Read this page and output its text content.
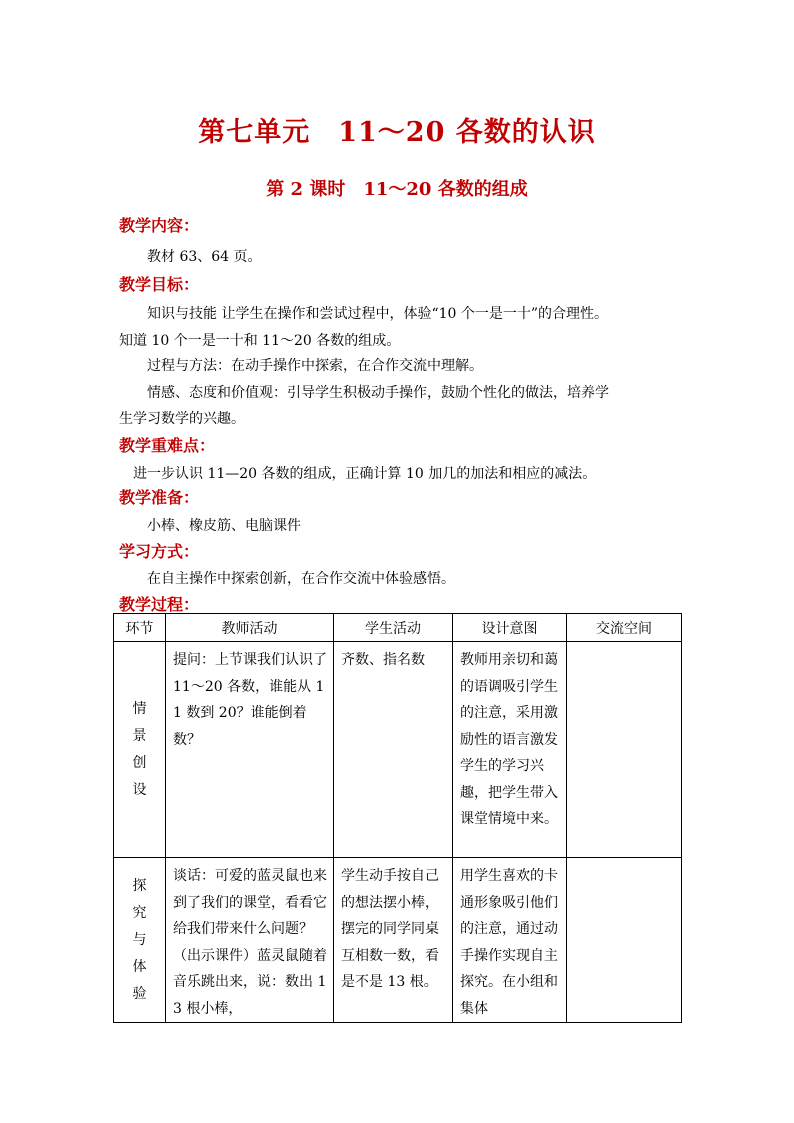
第七单元　11～20 各数的认识
第 2 课时　11～20 各数的组成
教学内容：
教材 63、64 页。
教学目标：
知识与技能 让学生在操作和尝试过程中，体验“10 个一是一十”的合理性。
知道 10 个一是一十和 11～20 各数的组成。
过程与方法：在动手操作中探索，在合作交流中理解。
情感、态度和价值观：引导学生积极动手操作，鼓励个性化的做法，培养学
生学习数学的兴趣。
教学重难点：
进一步认识 11—20 各数的组成，正确计算 10 加几的加法和相应的减法。
教学准备：
小棒、橡皮筋、电脑课件
学习方式：
在自主操作中探索创新，在合作交流中体验感悟。
教学过程：
环节	教师活动	学生活动	设计意图	交流空间
情景创设	提问：上节课我们认识了 11～20 各数，谁能从 11 数到 20？谁能倒着数？	齐数、指名数	教师用亲切和蔼的语调吸引学生的注意，采用激励性的语言激发学生的学习兴趣，把学生带入课堂情境中来。	

探究与体验	谈话：可爱的蓝灵鼠也来到了我们的课堂，看看它给我们带来什么问题？（出示课件）蓝灵鼠随着音乐跳出来，说：数出 13 根小棒，	学生动手按自己的想法摆小棒，摆完的同学同桌互相数一数，看是不是 13 根。	用学生喜欢的卡通形象吸引他们的注意，通过动手操作实现自主探究。在小组和集体	
